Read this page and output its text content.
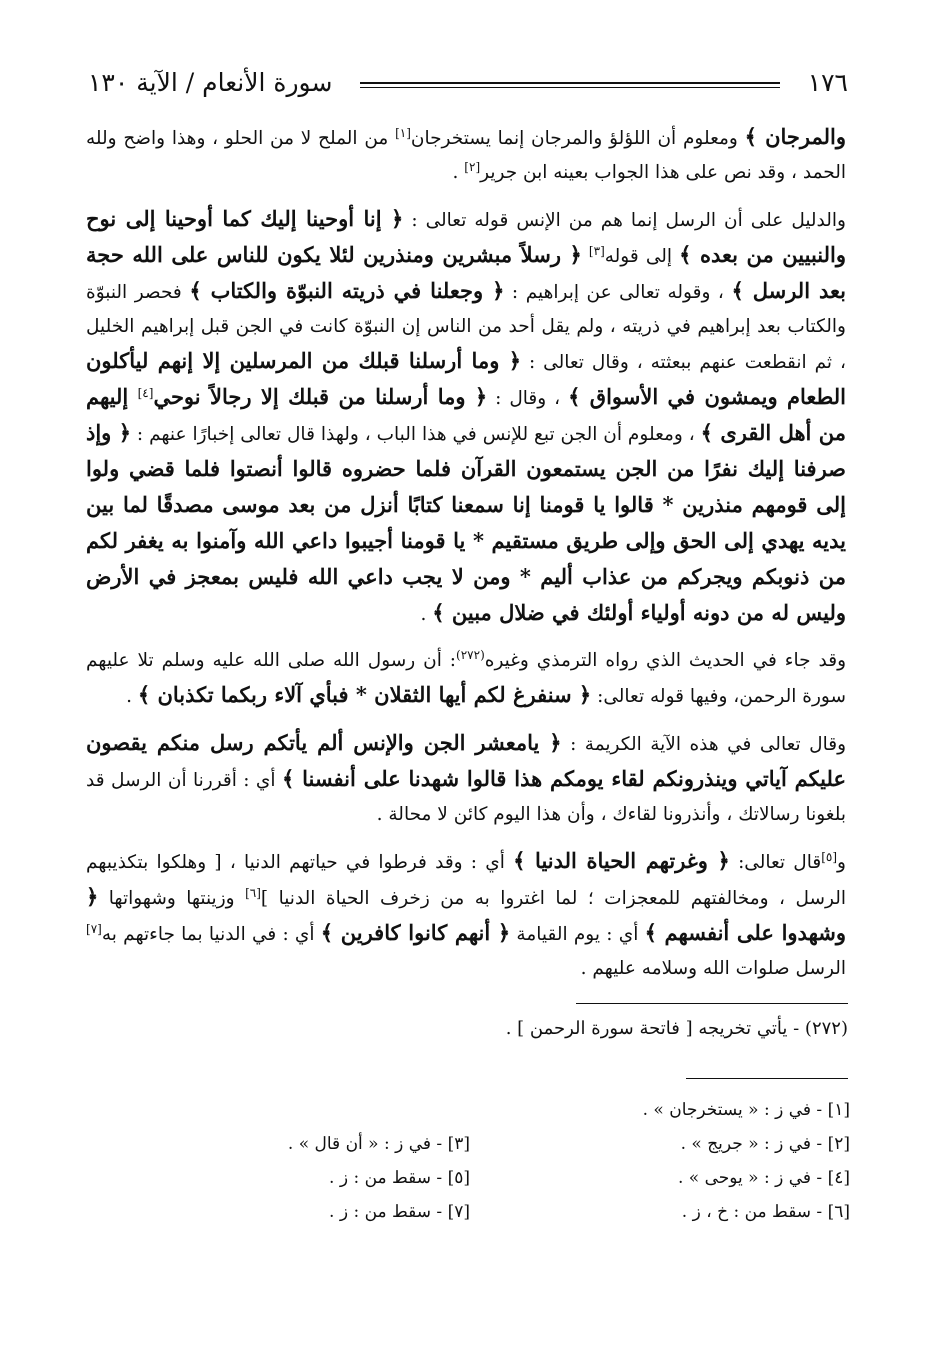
١٧٦
سورة الأنعام / الآية ١٣٠

والمرجان ﴾ ومعلوم أن اللؤلؤ والمرجان إنما يستخرجان[١] من الملح لا من الحلو ، وهذا واضح ولله الحمد ، وقد نص على هذا الجواب بعينه ابن جرير[٢] .

والدليل على أن الرسل إنما هم من الإنس قوله تعالى : ﴿ إنا أوحينا إليك كما أوحينا إلى نوح والنبيين من بعده ﴾ إلى قوله[٣] ﴿ رسلاً مبشرين ومنذرين لئلا يكون للناس على الله حجة بعد الرسل ﴾ ، وقوله تعالى عن إبراهيم : ﴿ وجعلنا في ذريته النبوّة والكتاب ﴾ فحصر النبوّة والكتاب بعد إبراهيم في ذريته ، ولم يقل أحد من الناس إن النبوّة كانت في الجن قبل إبراهيم الخليل ، ثم انقطعت عنهم ببعثته ، وقال تعالى : ﴿ وما أرسلنا قبلك من المرسلين إلا إنهم ليأكلون الطعام ويمشون في الأسواق ﴾ ، وقال : ﴿ وما أرسلنا من قبلك إلا رجالاً نوحي[٤] إليهم من أهل القرى ﴾ ، ومعلوم أن الجن تبع للإنس في هذا الباب ، ولهذا قال تعالى إخبارًا عنهم : ﴿ وإذ صرفنا إليك نفرًا من الجن يستمعون القرآن فلما حضروه قالوا أنصتوا فلما قضي ولوا إلى قومهم منذرين * قالوا يا قومنا إنا سمعنا كتابًا أنزل من بعد موسى مصدقًا لما بين يديه يهدي إلى الحق وإلى طريق مستقيم * يا قومنا أجيبوا داعي الله وآمنوا به يغفر لكم من ذنوبكم ويجركم من عذاب أليم * ومن لا يجب داعي الله فليس بمعجز في الأرض وليس له من دونه أولياء أولئك في ضلال مبين ﴾ .

وقد جاء في الحديث الذي رواه الترمذي وغيره$^{(٢٧٢)}$: أن رسول الله صلى الله عليه وسلم تلا عليهم سورة الرحمن، وفيها قوله تعالى: ﴿ سنفرغ لكم أيها الثقلان * فبأي آلاء ربكما تكذبان ﴾ .

وقال تعالى في هذه الآية الكريمة : ﴿ يامعشر الجن والإنس ألم يأتكم رسل منكم يقصون عليكم آياتي وينذرونكم لقاء يومكم هذا قالوا شهدنا على أنفسنا ﴾ أي : أقررنا أن الرسل قد بلغونا رسالاتك ، وأنذرونا لقاءك ، وأن هذا اليوم كائن لا محالة .

و[٥]قال تعالى: ﴿ وغرتهم الحياة الدنيا ﴾ أي : وقد فرطوا في حياتهم الدنيا ، [ وهلكوا بتكذيبهم الرسل ، ومخالفتهم للمعجزات ؛ لما اغتروا به من زخرف الحياة الدنيا ][٦] وزينتها وشهواتها ﴿ وشهدوا على أنفسهم ﴾ أي : يوم القيامة ﴿ أنهم كانوا كافرين ﴾ أي : في الدنيا بما جاءتهم به[٧] الرسل صلوات الله وسلامه عليهم .

(٢٧٢) - يأتي تخريجه [ فاتحة سورة الرحمن ] .
[١] - في ز : « يستخرجان » .
[٢] - في ز : « جريج » .
[٣] - في ز : « أن قال » .
[٤] - في ز : « يوحى » .
[٥] - سقط من : ز .
[٦] - سقط من : خ ، ز .
[٧] - سقط من : ز .
